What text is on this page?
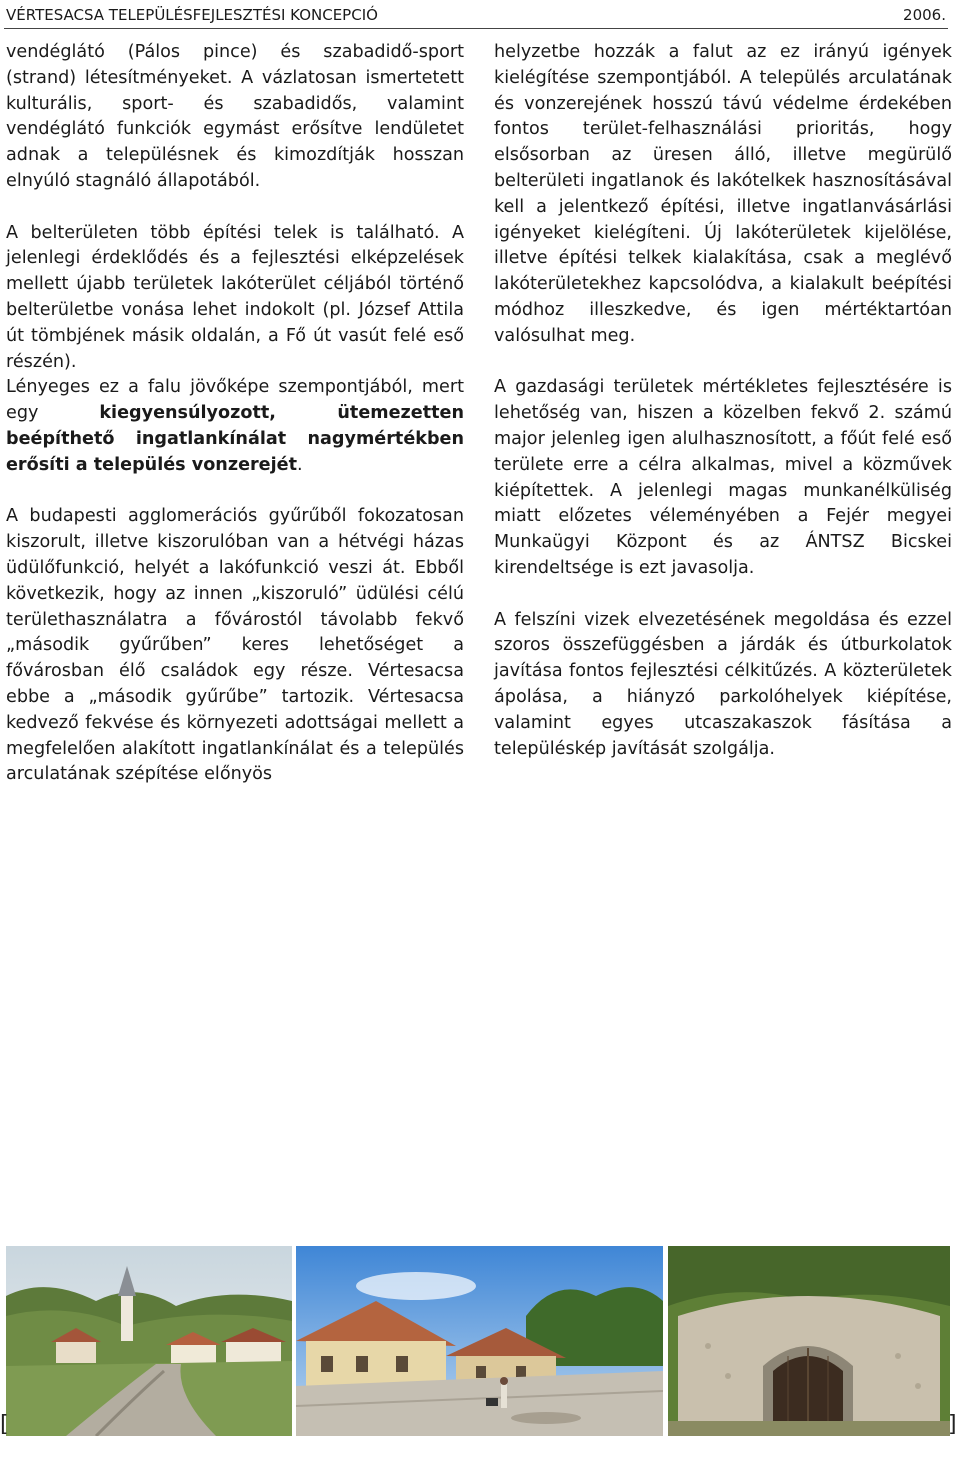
VÉRTESACSA TELEPÜLÉSFEJLESZTÉSI KONCEPCIÓ	2006.

vendéglátó (Pálos pince) és szabadidő-sport (strand) létesítményeket. A vázlatosan ismertetett kulturális, sport- és szabadidős, valamint vendéglátó funkciók egymást erősítve lendületet adnak a településnek és kimozdítják hosszan elnyúló stagnáló állapotából.

A belterületen több építési telek is található. A jelenlegi érdeklődés és a fejlesztési elképzelések mellett újabb területek lakóterület céljából történő belterületbe vonása lehet indokolt (pl. József Attila út tömbjének másik oldalán, a Fő út vasút felé eső részén).

Lényeges ez a falu jövőképe szempontjából, mert egy kiegyensúlyozott, ütemezetten beépíthető ingatlankínálat nagymértékben erősíti a település vonzerejét.

A budapesti agglomerációs gyűrűből fokozatosan kiszorult, illetve kiszorulóban van a hétvégi házas üdülőfunkció, helyét a lakófunkció veszi át. Ebből következik, hogy az innen „kiszoruló” üdülési célú területhasználatra a fővárostól távolabb fekvő „második gyűrűben” keres lehetőséget a fővárosban élő családok egy része. Vértesacsa ebbe a „második gyűrűbe” tartozik. Vértesacsa kedvező fekvése és környezeti adottságai mellett a megfelelően alakított ingatlankínálat és a település arculatának szépítése előnyös

helyzetbe hozzák a falut az ez irányú igények kielégítése szempontjából. A település arculatának és vonzerejének hosszú távú védelme érdekében fontos terület-felhasználási prioritás, hogy elsősorban az üresen álló, illetve megürülő belterületi ingatlanok és lakótelkek hasznosításával kell a jelentkező építési, illetve ingatlanvásárlási igényeket kielégíteni. Új lakóterületek kijelölése, illetve építési telkek kialakítása, csak a meglévő lakóterületekhez kapcsolódva, a kialakult beépítési módhoz illeszkedve, és igen mértéktartóan valósulhat meg.

A gazdasági területek mértékletes fejlesztésére is lehetőség van, hiszen a közelben fekvő 2. számú major jelenleg igen alulhasznosított, a főút felé eső területe erre a célra alkalmas, mivel a közművek kiépítettek. A jelenlegi magas munkanélküliség miatt előzetes véleményében a Fejér megyei Munkaügyi Központ és az ÁNTSZ Bicskei kirendeltsége is ezt javasolja.

A felszíni vizek elvezetésének megoldása és ezzel szoros összefüggésben a járdák és útburkolatok javítása fontos fejlesztési célkitűzés. A közterületek ápolása, a hiányzó parkolóhelyek kiépítése, valamint egyes utcaszakaszok fásítása a településkép javítását szolgálja.

[	]
